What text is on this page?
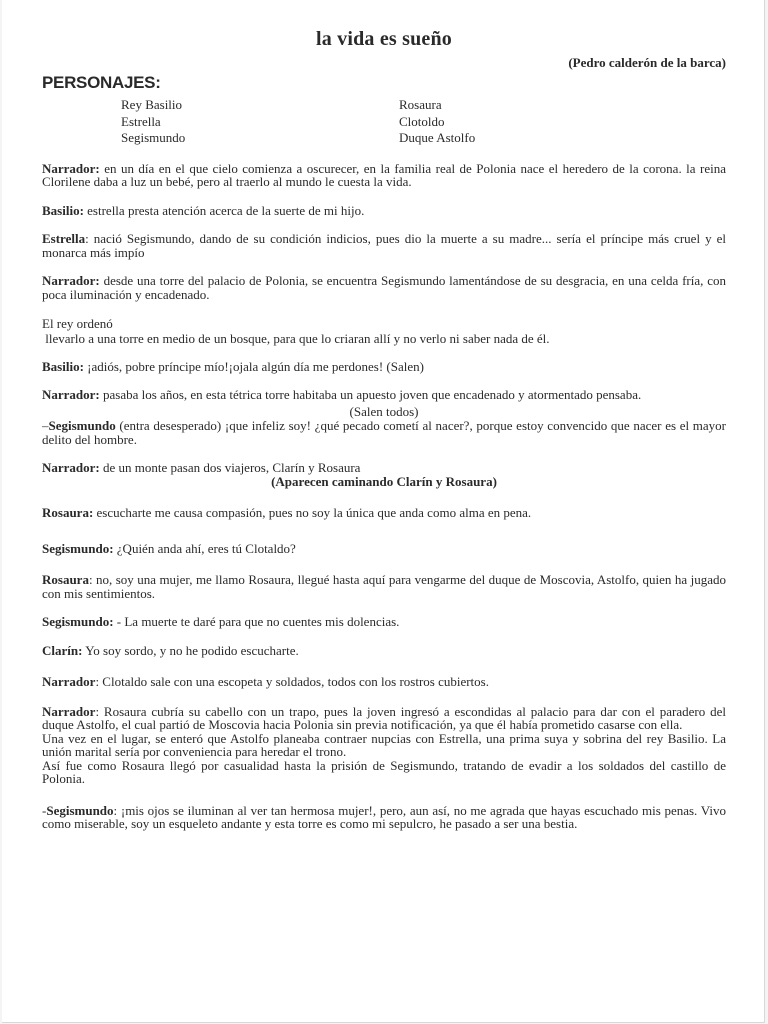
la vida es sueño
(Pedro calderón de la barca)
PERSONAJES:
Rey Basilio	Rosaura
Estrella	Clotoldo
Segismundo	Duque Astolfo

Narrador: en un día en el que cielo comienza a oscurecer, en la familia real de Polonia nace el heredero de la corona. la reina Clorilene daba a luz un bebé, pero al traerlo al mundo le cuesta la vida.

Basilio: estrella presta atención acerca de la suerte de mi hijo.

Estrella: nació Segismundo, dando de su condición indicios, pues dio la muerte a su madre... sería el príncipe más cruel y el monarca más impío

Narrador: desde una torre del palacio de Polonia, se encuentra Segismundo lamentándose de su desgracia, en una celda fría, con poca iluminación y encadenado.

El rey ordenó

llevarlo a una torre en medio de un bosque, para que lo criaran allí y no verlo ni saber nada de él.

Basilio: ¡adiós, pobre príncipe mío!¡ojala algún día me perdones! (Salen)

Narrador: pasaba los años, en esta tétrica torre habitaba un apuesto joven que encadenado y atormentado pensaba.

(Salen todos)

–Segismundo (entra desesperado) ¡que infeliz soy! ¿qué pecado cometí al nacer?, porque estoy convencido que nacer es el mayor delito del hombre.

Narrador: de un monte pasan dos viajeros, Clarín y Rosaura

(Aparecen caminando Clarín y Rosaura)

Rosaura: escucharte me causa compasión, pues no soy la única que anda como alma en pena.

Segismundo: ¿Quién anda ahí, eres tú Clotaldo?

Rosaura: no, soy una mujer, me llamo Rosaura, llegué hasta aquí para vengarme del duque de Moscovia, Astolfo, quien ha jugado con mis sentimientos.

Segismundo: - La muerte te daré para que no cuentes mis dolencias.

Clarín: Yo soy sordo, y no he podido escucharte.

Narrador: Clotaldo sale con una escopeta y soldados, todos con los rostros cubiertos.

Narrador: Rosaura cubría su cabello con un trapo, pues la joven ingresó a escondidas al palacio para dar con el paradero del duque Astolfo, el cual partió de Moscovia hacia Polonia sin previa notificación, ya que él había prometido casarse con ella.

Una vez en el lugar, se enteró que Astolfo planeaba contraer nupcias con Estrella, una prima suya y sobrina del rey Basilio. La unión marital sería por conveniencia para heredar el trono.

Así fue como Rosaura llegó por casualidad hasta la prisión de Segismundo, tratando de evadir a los soldados del castillo de Polonia.

-Segismundo: ¡mis ojos se iluminan al ver tan hermosa mujer!, pero, aun así, no me agrada que hayas escuchado mis penas. Vivo como miserable, soy un esqueleto andante y esta torre es como mi sepulcro, he pasado a ser una bestia.
